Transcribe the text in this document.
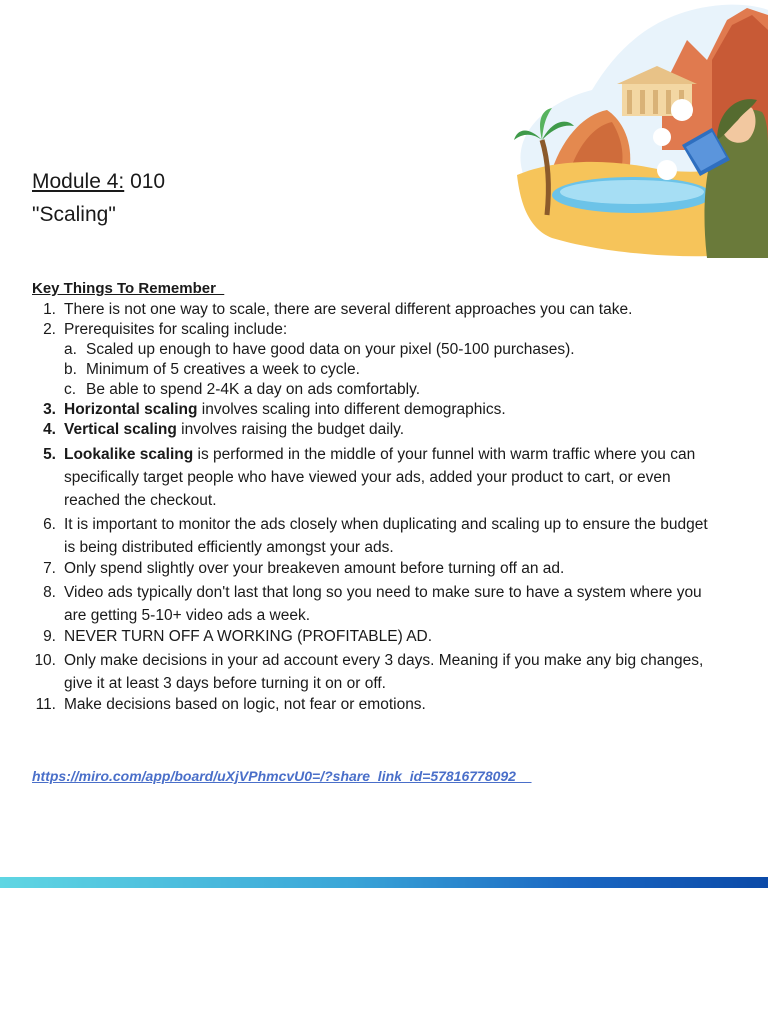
Module 4: 010
"Scaling"
Key Things To Remember
1. There is not one way to scale, there are several different approaches you can take.
2. Prerequisites for scaling include:
a. Scaled up enough to have good data on your pixel (50-100 purchases).
b. Minimum of 5 creatives a week to cycle.
c. Be able to spend 2-4K a day on ads comfortably.
3. Horizontal scaling involves scaling into different demographics.
4. Vertical scaling involves raising the budget daily.
5. Lookalike scaling is performed in the middle of your funnel with warm traffic where you can specifically target people who have viewed your ads, added your product to cart, or even reached the checkout.
6. It is important to monitor the ads closely when duplicating and scaling up to ensure the budget is being distributed efficiently amongst your ads.
7. Only spend slightly over your breakeven amount before turning off an ad.
8. Video ads typically don't last that long so you need to make sure to have a system where you are getting 5-10+ video ads a week.
9. NEVER TURN OFF A WORKING (PROFITABLE) AD.
10. Only make decisions in your ad account every 3 days. Meaning if you make any big changes, give it at least 3 days before turning it on or off.
11. Make decisions based on logic, not fear or emotions.
https://miro.com/app/board/uXjVPhmcvU0=/?share_link_id=57816778092
